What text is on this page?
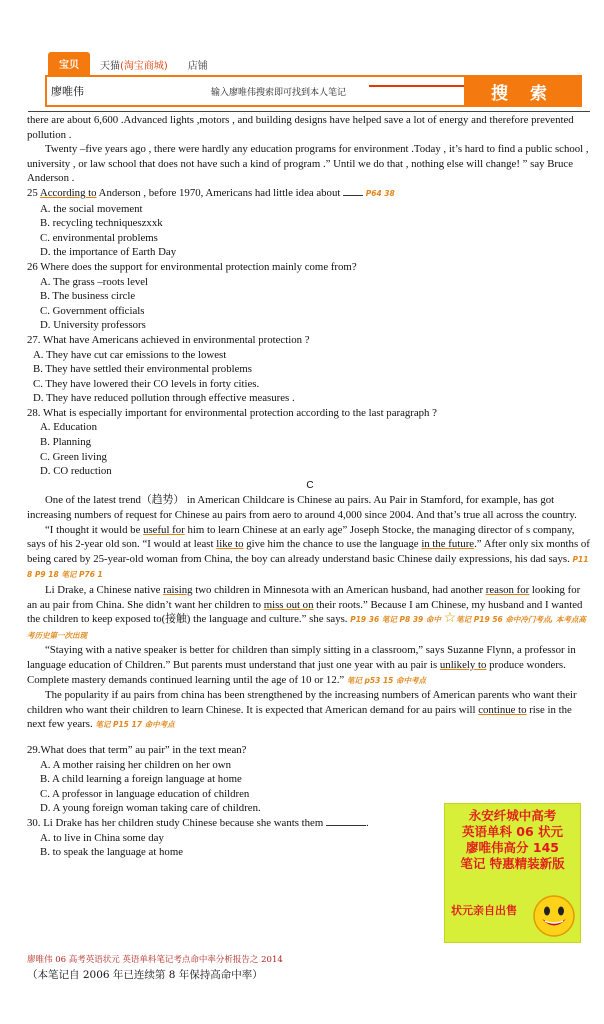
宝贝	天猫(淘宝商城)	店铺
廖唯伟	输入廖唯伟搜索即可找到本人笔记	搜 索

there are about 6,600 .Advanced lights ,motors , and building designs have helped save a lot of energy and therefore prevented pollution .

Twenty –five years ago , there were hardly any education programs for environment .Today , it’s hard to find a public school , university , or law school that does not have such a kind of program .” Until we do that , nothing else will change! ” say Bruce Anderson .

25 According to Anderson , before 1970, Americans had little idea about	P64 38

A. the social movement

B. recycling techniqueszxxk

C. environmental problems

D. the importance of Earth Day

26 Where does the support for environmental protection mainly come from?

A. The grass –roots level

B. The business circle

C. Government officials

D. University professors

27. What have Americans achieved in environmental protection ?

A. They have cut car emissions to the lowest

B. They have settled their environmental problems

C. They have lowered their CO levels in forty cities.

D. They have reduced pollution through effective measures .

28. What is especially important for environmental protection according to the last paragraph ?

A. Education

B. Planning

C. Green living

D. CO reduction

C

One of the latest trend（趋势） in American Childcare is Chinese au pairs. Au Pair in Stamford, for example, has got increasing numbers of request for Chinese au pairs from aero to around 4,000 since 2004. And that’s true all across the country.

“I thought it would be useful for him to learn Chinese at an early age” Joseph Stocke, the managing director of s company, says of his 2-year old son. “I would at least like to give him the chance to use the language in the future.” After only six months of being cared by 25-year-old woman from China, the boy can already understand basic Chinese daily expressions, his dad says. P11 8 P9 18 笔记 P76 1

Li Drake, a Chinese native raising two children in Minnesota with an American husband, had another reason for looking for an au pair from China. She didn’t want her children to miss out on their roots.” Because I am Chinese, my husband and I wanted the children to keep exposed to(接触) the language and culture.” she says. P19 36 笔记 P8 39 命中 ☆笔记 P19 56 命中冷门考点, 本考点高考历史第一次出现

“Staying with a native speaker is better for children than simply sitting in a classroom,” says Suzanne Flynn, a professor in language education of Children.” But parents must understand that just one year with au pair is unlikely to produce wonders. Complete mastery demands continued learning until the age of 10 or 12.” 笔记 p53 15 命中考点

The popularity if au pairs from china has been strengthened by the increasing numbers of American parents who want their children who want their children to learn Chinese. It is expected that American demand for au pairs will continue to rise in the next few years. 笔记 P15 17 命中考点

29.What does that term” au pair” in the text mean?

A. A mother raising her children on her own

B. A child learning a foreign language at home

C. A professor in language education of children

D. A young foreign woman taking care of children.

30. Li Drake has her children study Chinese because she wants them	.

A. to live in China some day

B. to speak the language at home

永安纤城中高考
英语单科 06 状元
廖唯伟高分 145
笔记 特惠精装新版
状元亲自出售
廖唯伟 06 高考英语状元 英语单科笔记考点命中率分析报告之 2014
（本笔记自 2006 年已连续第 8 年保持高命中率）
